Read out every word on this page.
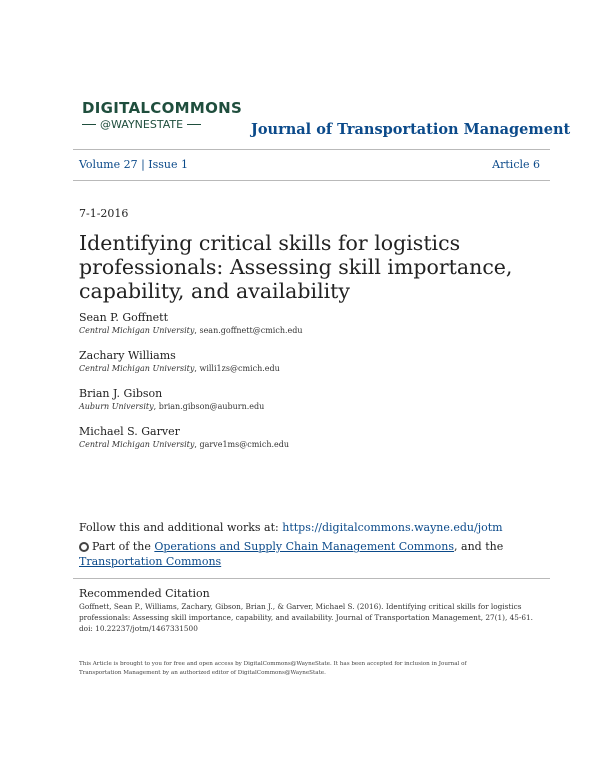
DIGITALCOMMONS
@WAYNESTATE	Journal of Transportation Management
Volume 27 | Issue 1	Article 6
7-1-2016
Identifying critical skills for logistics professionals: Assessing skill importance, capability, and availability
Sean P. Goffnett
Central Michigan University, sean.goffnett@cmich.edu
Zachary Williams
Central Michigan University, willi1zs@cmich.edu
Brian J. Gibson
Auburn University, brian.gibson@auburn.edu
Michael S. Garver
Central Michigan University, garve1ms@cmich.edu
Follow this and additional works at: https://digitalcommons.wayne.edu/jotm
Part of the Operations and Supply Chain Management Commons, and the Transportation Commons
Recommended Citation
Goffnett, Sean P., Williams, Zachary, Gibson, Brian J., & Garver, Michael S. (2016). Identifying critical skills for logistics professionals: Assessing skill importance, capability, and availability. Journal of Transportation Management, 27(1), 45-61. doi: 10.22237/jotm/1467331500
This Article is brought to you for free and open access by DigitalCommons@WayneState. It has been accepted for inclusion in Journal of Transportation Management by an authorized editor of DigitalCommons@WayneState.
